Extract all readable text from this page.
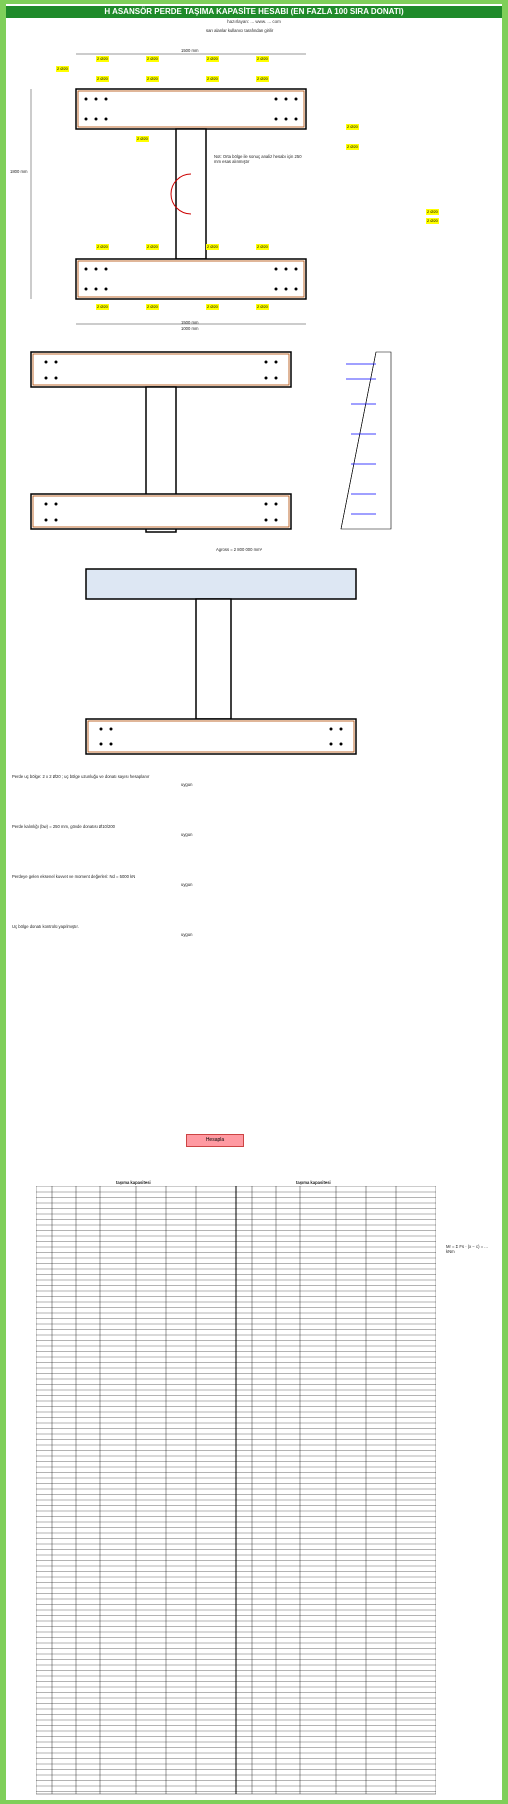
H ASANSÖR PERDE TAŞIMA KAPASİTE HESABI (EN FAZLA 100 SIRA DONATI)
hazırlayan: ... www. ... com
sarı alanlar kullanıcı tarafından girilir
1500 mm
1500 mm
1000 mm
1800 mm
Not: Orta bölge ile sonuç analiz hesabı için 250 mm esas alınmıştır
2 Ø20
2 Ø20	2 Ø20	2 Ø20	2 Ø20
2 Ø20	2 Ø20	2 Ø20	2 Ø20
2 Ø20
2 Ø20
2 Ø20
2 Ø20	2 Ø20	2 Ø20	2 Ø20
2 Ø20	2 Ø20	2 Ø20	2 Ø20
2 Ø20
2 Ø20
Agross = 2 800 000 mm²
Perde uç bölge: 2 x 2 Ø20 ; uç bölge uzunluğu ve donatı sayısı hesaplanır
uygun
Perde kalınlığı (bw) = 250 mm, gövde donatısı Ø10/200
uygun
Perdeye gelen eksenel kuvvet ve moment değerleri: Nd = 5000 kN
uygun
Uç bölge donatı kontrolü yapılmıştır.
uygun
Hesapla
taşıma kapasitesi	taşıma kapasitesi
Mr = Σ Fs · (x − c) = ... kNm
